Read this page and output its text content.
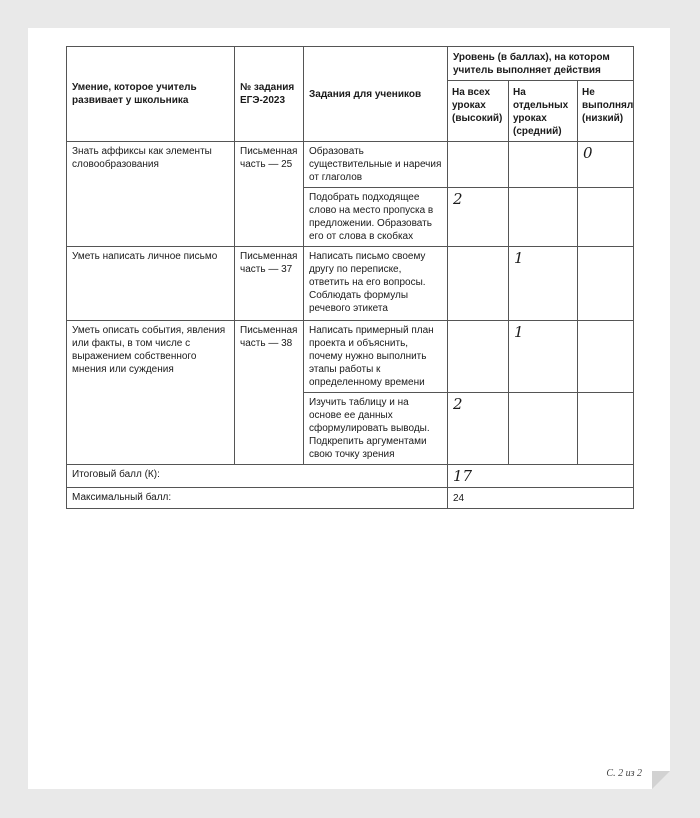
Умение, которое учитель развивает у школьника	№ задания ЕГЭ-2023	Задания для учеников	Уровень (в баллах), на котором учитель выполняет действия		
			На всех уроках (высокий)	На отдельных уроках (средний)	Не выполнял (низкий)
Знать аффиксы как элементы словообразования	Письменная часть — 25	Образовать существительные и наречия от глаголов			0
		Подобрать подходящее слово на место пропуска в предложении. Образовать его от слова в скобках	2		
Уметь написать личное письмо	Письменная часть — 37	Написать письмо своему другу по переписке, ответить на его вопросы. Соблюдать формулы речевого этикета		1	
Уметь описать события, явления или факты, в том числе с выражением собственного мнения или суждения	Письменная часть — 38	Написать примерный план проекта и объяснить, почему нужно выполнить этапы работы к определенному времени		1	
		Изучить таблицу и на основе ее данных сформулировать выводы. Подкрепить аргументами свою точку зрения	2		
Итоговый балл (К):			17		
Максимальный балл:			24		
С. 2 из 2
